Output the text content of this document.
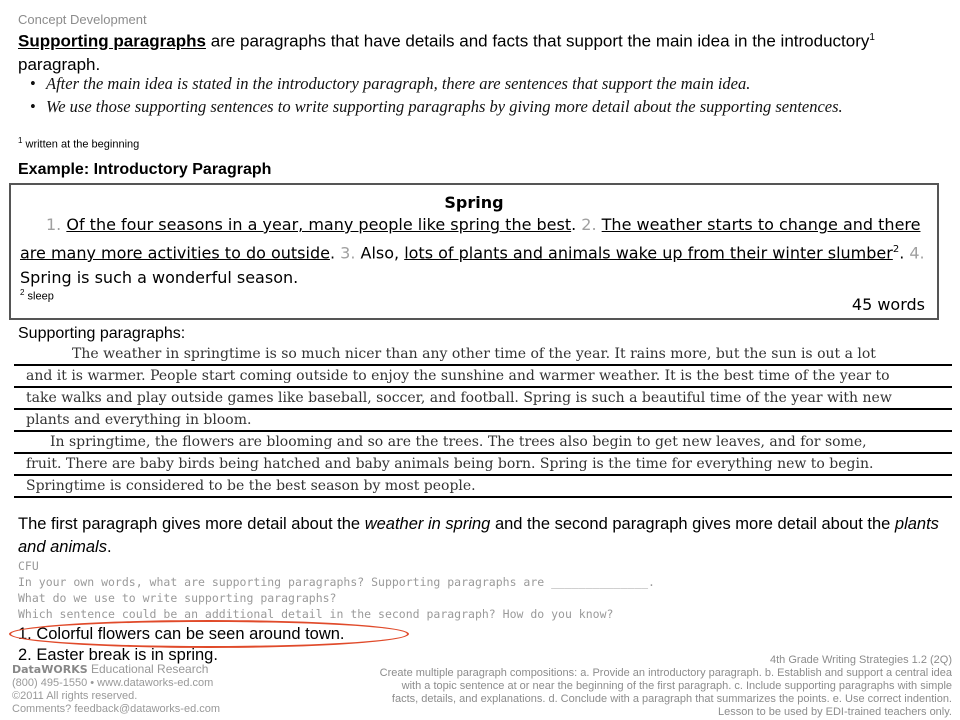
Concept Development
Supporting paragraphs are paragraphs that have details and facts that support the main idea in the introductory$^1$ paragraph.
• After the main idea is stated in the introductory paragraph, there are sentences that support the main idea.
• We use those supporting sentences to write supporting paragraphs by giving more detail about the supporting sentences.
$^1$ written at the beginning
Example: Introductory Paragraph
Spring
1. Of the four seasons in a year, many people like spring the best. 2. The weather starts to change and there are many more activities to do outside. 3. Also, lots of plants and animals wake up from their winter slumber$^2$. 4. Spring is such a wonderful season.
$^2$ sleep	45 words
Supporting paragraphs:
The weather in springtime is so much nicer than any other time of the year. It rains more, but the sun is out a lot
and it is warmer. People start coming outside to enjoy the sunshine and warmer weather. It is the best time of the year to
take walks and play outside games like baseball, soccer, and football. Spring is such a beautiful time of the year with new
plants and everything in bloom.
In springtime, the flowers are blooming and so are the trees. The trees also begin to get new leaves, and for some,
fruit. There are baby birds being hatched and baby animals being born. Spring is the time for everything new to begin.
Springtime is considered to be the best season by most people.
The first paragraph gives more detail about the weather in spring and the second paragraph gives more detail about the plants and animals.
CFU
In your own words, what are supporting paragraphs? Supporting paragraphs are ______________.
What do we use to write supporting paragraphs?
Which sentence could be an additional detail in the second paragraph? How do you know?
1. Colorful flowers can be seen around town.
2. Easter break is in spring.
DataWORKS Educational Research
(800) 495-1550 • www.dataworks-ed.com
©2011 All rights reserved.
Comments? feedback@dataworks-ed.com
4th Grade Writing Strategies 1.2 (2Q)
Create multiple paragraph compositions: a. Provide an introductory paragraph. b. Establish and support a central idea
with a topic sentence at or near the beginning of the first paragraph. c. Include supporting paragraphs with simple
facts, details, and explanations. d. Conclude with a paragraph that summarizes the points. e. Use correct indention.
Lesson to be used by EDI-trained teachers only.
